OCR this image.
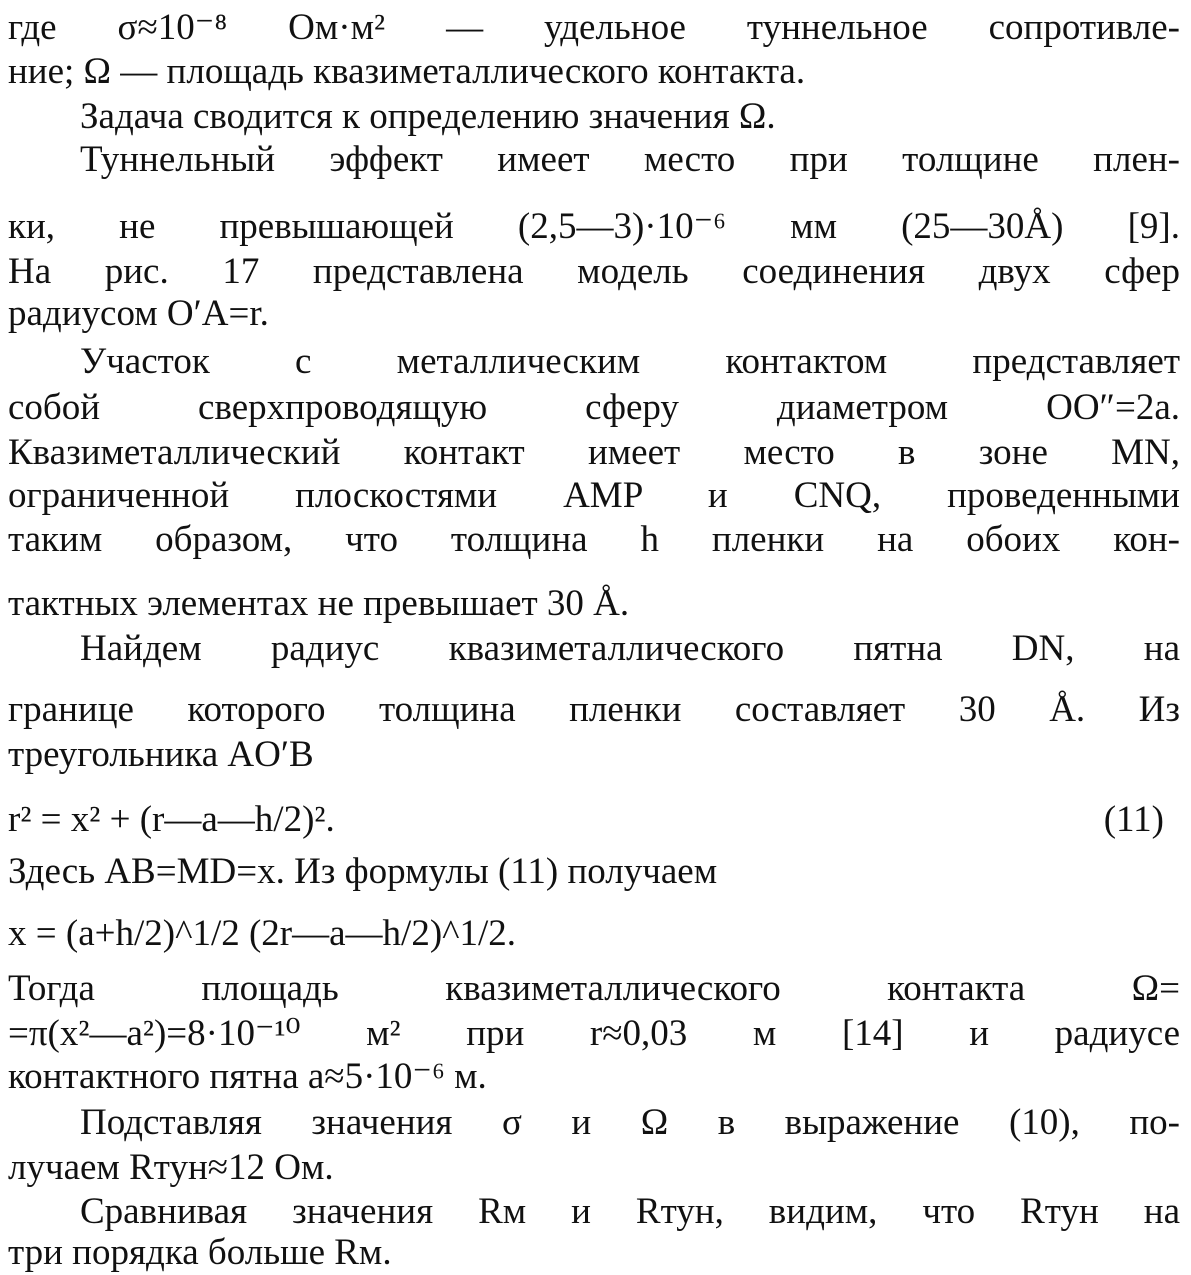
где σ≈10⁻⁸ Ом·м² — удельное туннельное сопротивле-
ние; Ω — площадь квазиметаллического контакта.
Задача сводится к определению значения Ω.
Туннельный эффект имеет место при толщине плен-
ки, не превышающей (2,5—3)·10⁻⁶ мм (25—30Å) [9].
На рис. 17 представлена модель соединения двух сфер
радиусом O′A=r.
Участок с металлическим контактом представляет
собой сверхпроводящую сферу диаметром OO″=2a.
Квазиметаллический контакт имеет место в зоне MN,
ограниченной плоскостями AMP и CNQ, проведенными
таким образом, что толщина h пленки на обоих кон-
тактных элементах не превышает 30 Å.
Найдем радиус квазиметаллического пятна DN, на
границе которого толщина пленки составляет 30 Å. Из
треугольника AO′B
r² = x² + (r—a—h/2)².	(11)
Здесь AB=MD=x. Из формулы (11) получаем
x = (a+h/2)^1/2 (2r—a—h/2)^1/2.
Тогда площадь квазиметаллического контакта Ω=
=π(x²—a²)=8·10⁻¹⁰ м² при r≈0,03 м [14] и радиусе
контактного пятна a≈5·10⁻⁶ м.
Подставляя значения σ и Ω в выражение (10), по-
лучаем Rтун≈12 Ом.
Сравнивая значения Rм и Rтун, видим, что Rтун на
три порядка больше Rм.
